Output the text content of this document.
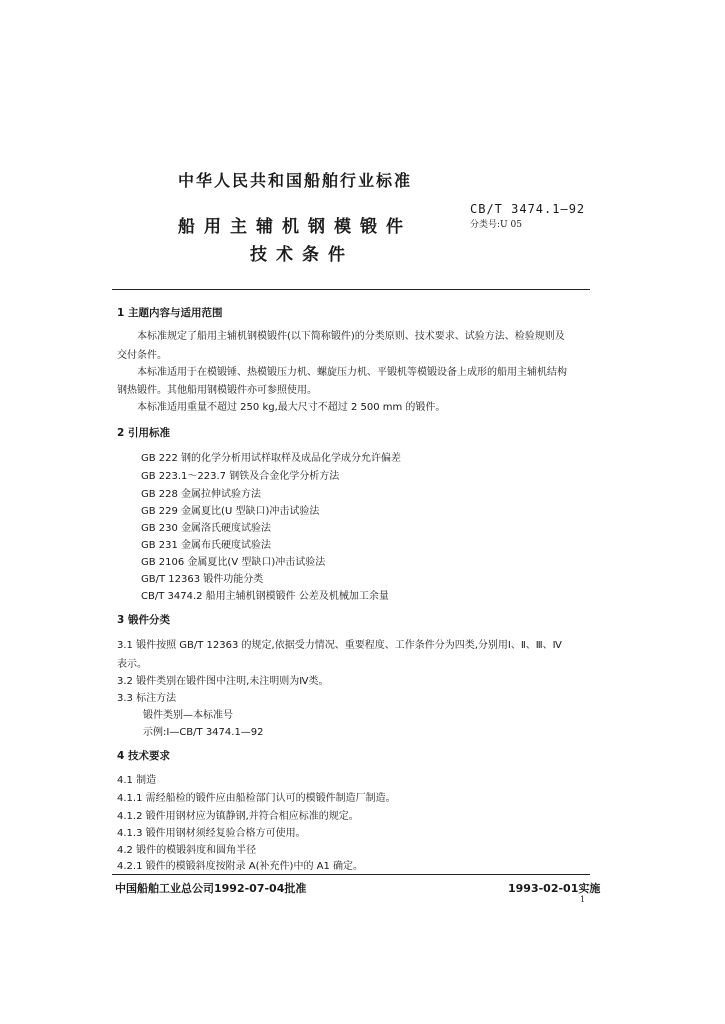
中华人民共和国船舶行业标准
船用主辅机钢模锻件
技术条件
CB/T 3474.1—92
分类号:U 05
1 主题内容与适用范围
本标准规定了船用主辅机钢模锻件(以下简称锻件)的分类原则、技术要求、试验方法、检验规则及
交付条件。
本标准适用于在模锻锤、热模锻压力机、螺旋压力机、平锻机等模锻设备上成形的船用主辅机结构
钢热锻件。其他船用钢模锻件亦可参照使用。
本标准适用重量不超过 250 kg,最大尺寸不超过 2 500 mm 的锻件。
2 引用标准
GB 222 钢的化学分析用试样取样及成品化学成分允许偏差
GB 223.1～223.7 钢铁及合金化学分析方法
GB 228 金属拉伸试验方法
GB 229 金属夏比(U 型缺口)冲击试验法
GB 230 金属洛氏硬度试验法
GB 231 金属布氏硬度试验法
GB 2106 金属夏比(V 型缺口)冲击试验法
GB/T 12363 锻件功能分类
CB/T 3474.2 船用主辅机钢模锻件 公差及机械加工余量
3 锻件分类
3.1 锻件按照 GB/T 12363 的规定,依据受力情况、重要程度、工作条件分为四类,分别用Ⅰ、Ⅱ、Ⅲ、Ⅳ
表示。
3.2 锻件类别在锻件图中注明,未注明则为Ⅳ类。
3.3 标注方法
锻件类别—本标准号
示例:Ⅰ—CB/T 3474.1—92
4 技术要求
4.1 制造
4.1.1 需经船检的锻件应由船检部门认可的模锻件制造厂制造。
4.1.2 锻件用钢材应为镇静钢,并符合相应标准的规定。
4.1.3 锻件用钢材须经复验合格方可使用。
4.2 锻件的模锻斜度和圆角半径
4.2.1 锻件的模锻斜度按附录 A(补充件)中的 A1 确定。
中国船舶工业总公司1992-07-04批准	1993-02-01实施
1
